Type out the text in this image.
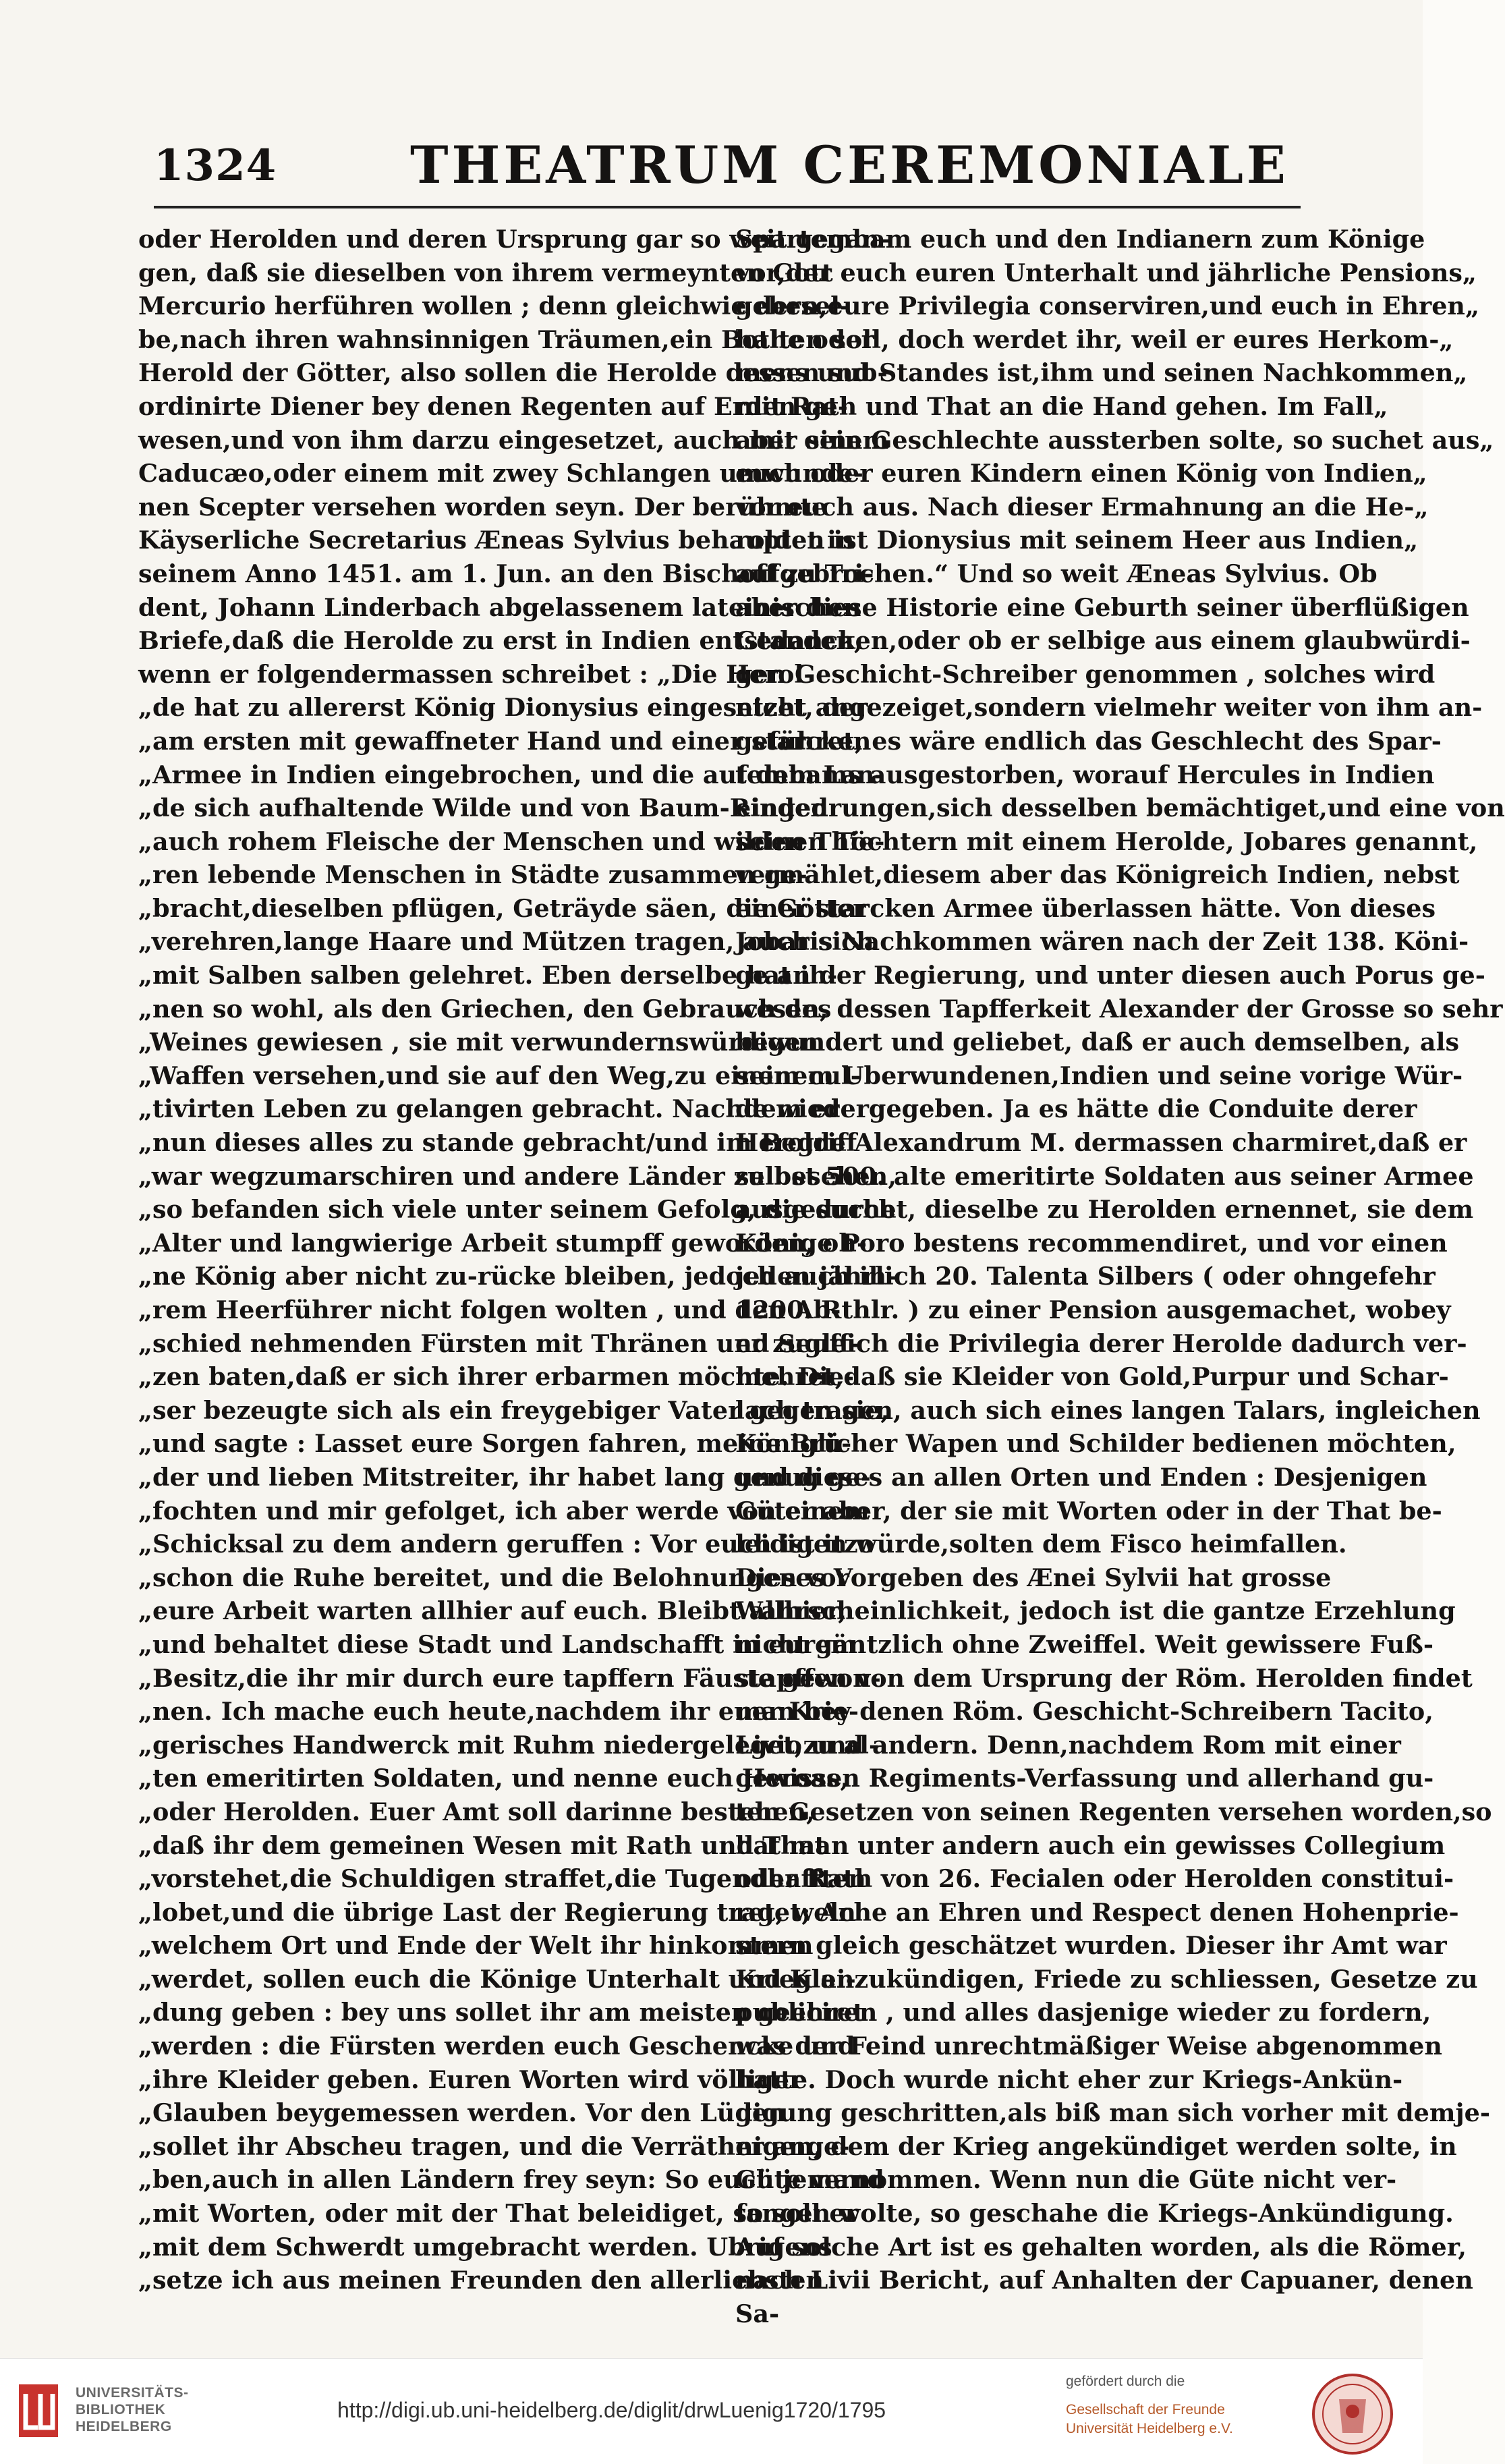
1324	THEATRUM CEREMONIALE
oder Herolden und deren Ursprung gar so weit gegan-
gen, daß sie dieselben von ihrem vermeynten Gott
Mercurio herführen wollen ; denn gleichwie dersel-
be,nach ihren wahnsinnigen Träumen,ein Bothe oder
Herold der Götter, also sollen die Herolde dessen sub-
ordinirte Diener bey denen Regenten auf Erden ge-
wesen,und von ihm darzu eingesetzet, auch mit einem
Caducæo,oder einem mit zwey Schlangen umwunde-
nen Scepter versehen worden seyn. Der berühmte
Käyserliche Secretarius Æneas Sylvius behauptet in
seinem Anno 1451. am 1. Jun. an den Bischoff zu Tri-
dent, Johann Linderbach abgelassenem lateinischen
Briefe,daß die Herolde zu erst in Indien entstanden,
wenn er folgendermassen schreibet : „Die Herol-
„de hat zu allererst König Dionysius eingesetzet, der
„am ersten mit gewaffneter Hand und einer starcken
„Armee in Indien eingebrochen, und die auf dem Lan-
„de sich aufhaltende Wilde und von Baum-Rinden
„auch rohem Fleische der Menschen und wilden Thie-
„ren lebende Menschen in Städte zusammen ge-
„bracht,dieselben pflügen, Geträyde säen, die Götter
„verehren,lange Haare und Mützen tragen, auch sich
„mit Salben salben gelehret. Eben derselbe hat ih-
„nen so wohl, als den Griechen, den Gebrauch des
„Weines gewiesen , sie mit verwundernswürdigen
„Waffen versehen,und sie auf den Weg,zu einem cul-
„tivirten Leben zu gelangen gebracht. Nachdem er
„nun dieses alles zu stande gebracht/und im Begriff
„war wegzumarschiren und andere Länder zu besehen,
„so befanden sich viele unter seinem Gefolg, die durch
„Alter und langwierige Arbeit stumpff geworden, oh-
„ne König aber nicht zu-rücke bleiben, jedoch auch ih-
„rem Heerführer nicht folgen wolten , und den Ab-
„schied nehmenden Fürsten mit Thränen und Seuff-
„zen baten,daß er sich ihrer erbarmen möchte. Die-
„ser bezeugte sich als ein freygebiger Vater gegen sie,
„und sagte : Lasset eure Sorgen fahren, meine Brü-
„der und lieben Mitstreiter, ihr habet lang genug ge-
„fochten und mir gefolget, ich aber werde von einem
„Schicksal zu dem andern geruffen : Vor euch ist itzo
„schon die Ruhe bereitet, und die Belohnungen vor
„eure Arbeit warten allhier auf euch. Bleibt allhier,
„und behaltet diese Stadt und Landschafft in eurem
„Besitz,die ihr mir durch eure tapffern Fäuste gewon-
„nen. Ich mache euch heute,nachdem ihr euer Krie-
„gerisches Handwerck mit Ruhm niedergeleget,zu al-
„ten emeritirten Soldaten, und nenne euch Heroas,
„oder Herolden. Euer Amt soll darinne bestehen,
„daß ihr dem gemeinen Wesen mit Rath und That
„vorstehet,die Schuldigen straffet,die Tugendhafften
„lobet,und die übrige Last der Regierung traget; An
„welchem Ort und Ende der Welt ihr hinkommen
„werdet, sollen euch die Könige Unterhalt und Klei-
„dung geben : bey uns sollet ihr am meisten geehret
„werden : die Fürsten werden euch Geschencke und
„ihre Kleider geben. Euren Worten wird völliger
„Glauben beygemessen werden. Vor den Lügen
„sollet ihr Abscheu tragen, und die Verräther ange-
„ben,auch in allen Ländern frey seyn: So euch jemand
„mit Worten, oder mit der That beleidiget, so soll er
„mit dem Schwerdt umgebracht werden. Ubrigens
„setze ich aus meinen Freunden den allerliebsten
Spartembam euch und den Indianern zum Könige
vor,der euch euren Unterhalt und jährliche Pensions„
geben,eure Privilegia conserviren,und euch in Ehren„
halten soll, doch werdet ihr, weil er eures Herkom-„
mens und Standes ist,ihm und seinen Nachkommen„
mit Rath und That an die Hand gehen. Im Fall„
aber sein Geschlechte aussterben solte, so suchet aus„
euch oder euren Kindern einen König von Indien„
vor euch aus. Nach dieser Ermahnung an die He-„
rolden ist Dionysius mit seinem Heer aus Indien„
aufgebrochen.“ Und so weit Æneas Sylvius. Ob
aber diese Historie eine Geburth seiner überflüßigen
Gedancken,oder ob er selbige aus einem glaubwürdi-
gen Geschicht-Schreiber genommen , solches wird
nicht angezeiget,sondern vielmehr weiter von ihm an-
geführet, es wäre endlich das Geschlecht des Spar-
tembams ausgestorben, worauf Hercules in Indien
eingedrungen,sich desselben bemächtiget,und eine von
seinen Töchtern mit einem Herolde, Jobares genannt,
vermählet,diesem aber das Königreich Indien, nebst
einer starcken Armee überlassen hätte. Von dieses
Jobaris Nachkommen wären nach der Zeit 138. Köni-
ge an der Regierung, und unter diesen auch Porus ge-
wesen, dessen Tapfferkeit Alexander der Grosse so sehr
bewundert und geliebet, daß er auch demselben, als
seinem Uberwundenen,Indien und seine vorige Wür-
de wiedergegeben. Ja es hätte die Conduite derer
Herolde Alexandrum M. dermassen charmiret,daß er
selbst 500. alte emeritirte Soldaten aus seiner Armee
ausgesuchet, dieselbe zu Herolden ernennet, sie dem
Könige Poro bestens recommendiret, und vor einen
jeden jährlich 20. Talenta Silbers ( oder ohngefehr
1200. Rthlr. ) zu einer Pension ausgemachet, wobey
er zugleich die Privilegia derer Herolde dadurch ver-
mehret,daß sie Kleider von Gold,Purpur und Schar-
lach tragen, auch sich eines langen Talars, ingleichen
Königlicher Wapen und Schilder bedienen möchten,
und dieses an allen Orten und Enden : Desjenigen
Güter aber, der sie mit Worten oder in der That be-
leidigen würde,solten dem Fisco heimfallen.
Dieses Vorgeben des Ænei Sylvii hat grosse
Wahrscheinlichkeit, jedoch ist die gantze Erzehlung
nicht gäntzlich ohne Zweiffel. Weit gewissere Fuß-
stapffen von dem Ursprung der Röm. Herolden findet
man bey denen Röm. Geschicht-Schreibern Tacito,
Livio und andern. Denn,nachdem Rom mit einer
gewissen Regiments-Verfassung und allerhand gu-
ten Gesetzen von seinen Regenten versehen worden,so
hat man unter andern auch ein gewisses Collegium
oder Rath von 26. Fecialen oder Herolden constitui-
ret, welche an Ehren und Respect denen Hohenprie-
stern gleich geschätzet wurden. Dieser ihr Amt war
Krieg anzukündigen, Friede zu schliessen, Gesetze zu
publiciren , und alles dasjenige wieder zu fordern,
was der Feind unrechtmäßiger Weise abgenommen
hatte. Doch wurde nicht eher zur Kriegs-Ankün-
digung geschritten,als biß man sich vorher mit demje-
nigen, dem der Krieg angekündiget werden solte, in
Güte vernommen. Wenn nun die Güte nicht ver-
fangen wolte, so geschahe die Kriegs-Ankündigung.
Auf solche Art ist es gehalten worden, als die Römer,
nach Livii Bericht, auf Anhalten der Capuaner, denen
Sa-
UNIVERSITÄTS-
BIBLIOTHEK
HEIDELBERG
http://digi.ub.uni-heidelberg.de/diglit/drwLuenig1720/1795
gefördert durch die
Gesellschaft der Freunde
Universität Heidelberg e.V.
